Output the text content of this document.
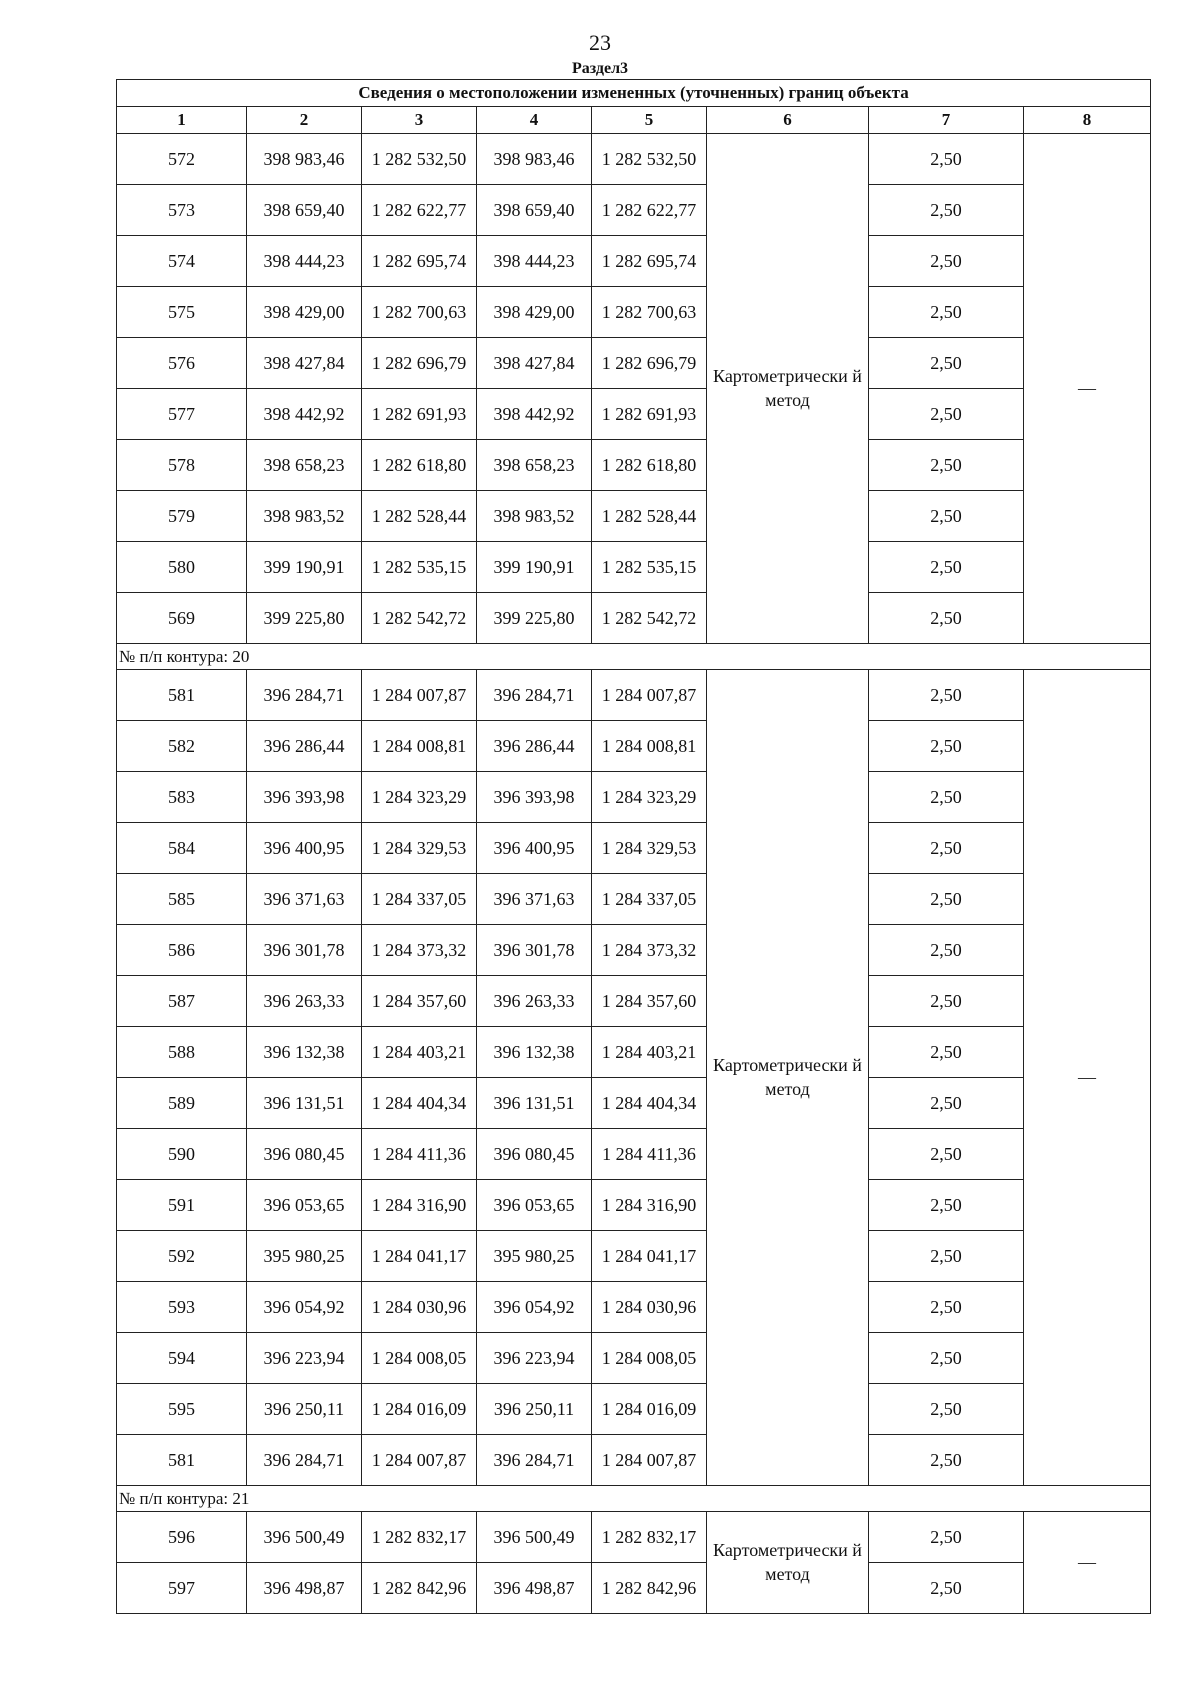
23
Раздел3
Сведения о местоположении измененных (уточненных) границ объекта							
1	2	3	4	5	6	7	8
572	398 983,46	1 282 532,50	398 983,46	1 282 532,50	Картометрически й метод	2,50	—
573	398 659,40	1 282 622,77	398 659,40	1 282 622,77		2,50	
574	398 444,23	1 282 695,74	398 444,23	1 282 695,74		2,50	
575	398 429,00	1 282 700,63	398 429,00	1 282 700,63		2,50	
576	398 427,84	1 282 696,79	398 427,84	1 282 696,79		2,50	
577	398 442,92	1 282 691,93	398 442,92	1 282 691,93		2,50	
578	398 658,23	1 282 618,80	398 658,23	1 282 618,80		2,50	
579	398 983,52	1 282 528,44	398 983,52	1 282 528,44		2,50	
580	399 190,91	1 282 535,15	399 190,91	1 282 535,15		2,50	
569	399 225,80	1 282 542,72	399 225,80	1 282 542,72		2,50	
№ п/п контура: 20							
581	396 284,71	1 284 007,87	396 284,71	1 284 007,87	Картометрически й метод	2,50	—
582	396 286,44	1 284 008,81	396 286,44	1 284 008,81		2,50	
583	396 393,98	1 284 323,29	396 393,98	1 284 323,29		2,50	
584	396 400,95	1 284 329,53	396 400,95	1 284 329,53		2,50	
585	396 371,63	1 284 337,05	396 371,63	1 284 337,05		2,50	
586	396 301,78	1 284 373,32	396 301,78	1 284 373,32		2,50	
587	396 263,33	1 284 357,60	396 263,33	1 284 357,60		2,50	
588	396 132,38	1 284 403,21	396 132,38	1 284 403,21		2,50	
589	396 131,51	1 284 404,34	396 131,51	1 284 404,34		2,50	
590	396 080,45	1 284 411,36	396 080,45	1 284 411,36		2,50	
591	396 053,65	1 284 316,90	396 053,65	1 284 316,90		2,50	
592	395 980,25	1 284 041,17	395 980,25	1 284 041,17		2,50	
593	396 054,92	1 284 030,96	396 054,92	1 284 030,96		2,50	
594	396 223,94	1 284 008,05	396 223,94	1 284 008,05		2,50	
595	396 250,11	1 284 016,09	396 250,11	1 284 016,09		2,50	
581	396 284,71	1 284 007,87	396 284,71	1 284 007,87		2,50	
№ п/п контура: 21							
596	396 500,49	1 282 832,17	396 500,49	1 282 832,17	Картометрически й метод	2,50	—
597	396 498,87	1 282 842,96	396 498,87	1 282 842,96		2,50	
